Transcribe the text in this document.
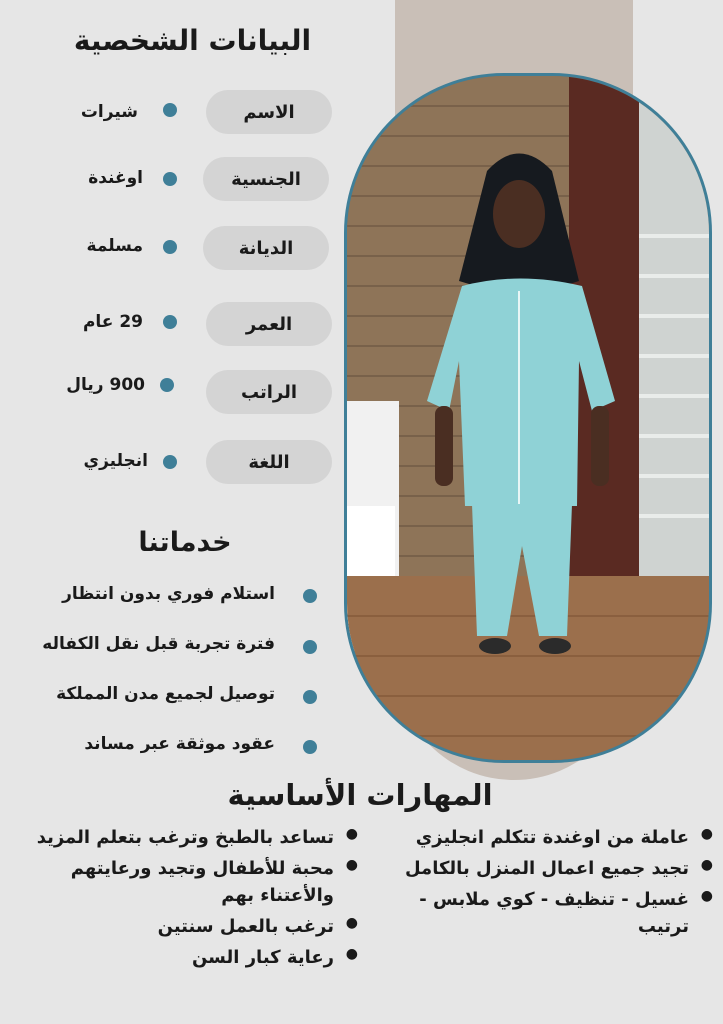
البيانات الشخصية
الاسم
شيرات
الجنسية
اوغندة
الديانة
مسلمة
العمر
29 عام
الراتب
900 ريال
اللغة
انجليزي
خدماتنا
استلام فوري بدون انتظار
فترة تجربة قبل نقل الكفاله
توصيل لجميع مدن المملكة
عقود موثقة عبر مساند
المهارات الأساسية
● عاملة من اوغندة تتكلم انجليزي
● تجيد جميع اعمال المنزل بالكامل
● غسيل - تنظيف - كوي ملابس - ترتيب
● تساعد بالطبخ وترغب بتعلم المزيد
● محبة للأطفال وتجيد ورعايتهم والأعتناء بهم
● ترغب بالعمل سنتين
● رعاية كبار السن
